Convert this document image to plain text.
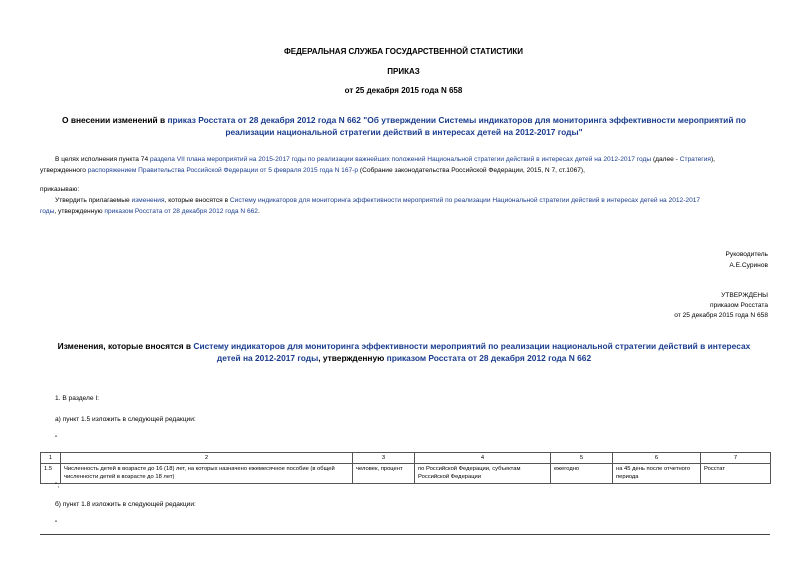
ФЕДЕРАЛЬНАЯ СЛУЖБА ГОСУДАРСТВЕННОЙ СТАТИСТИКИ
ПРИКАЗ
от 25 декабря 2015 года N 658
О внесении изменений в приказ Росстата от 28 декабря 2012 года N 662 "Об утверждении Системы индикаторов для мониторинга эффективности мероприятий по реализации национальной стратегии действий в интересах детей на 2012-2017 годы"
В целях исполнения пункта 74 раздела VII плана мероприятий на 2015-2017 годы по реализации важнейших положений Национальной стратегии действий в интересах детей на 2012-2017 годы (далее - Стратегия),
утвержденного распоряжением Правительства Российской Федерации от 5 февраля 2015 года N 167-р (Собрание законодательства Российской Федерации, 2015, N 7, ст.1067),
приказываю:
Утвердить прилагаемые изменения, которые вносятся в Систему индикаторов для мониторинга эффективности мероприятий по реализации Национальной стратегии действий в интересах детей на 2012-2017
годы, утвержденную приказом Росстата от 28 декабря 2012 года N 662.
Руководитель
А.Е.Суринов
УТВЕРЖДЕНЫ
приказом Росстата
от 25 декабря 2015 года N 658
Изменения, которые вносятся в Систему индикаторов для мониторинга эффективности мероприятий по реализации национальной стратегии действий в интересах детей на 2012-2017 годы, утвержденную приказом Росстата от 28 декабря 2012 года N 662
1. В разделе I:
а) пункт 1.5 изложить в следующей редакции:
"
1	2	3	4	5	6	7
1.5	Численность детей в возрасте до 16 (18) лет, на которых назначено ежемесячное пособие (в общей численности детей в возрасте до 18 лет)	человек, процент	по Российской Федерации, субъектам Российской Федерации	ежегодно	на 45 день после отчетного периода	Росстат
";
б) пункт 1.8 изложить в следующей редакции:
"
